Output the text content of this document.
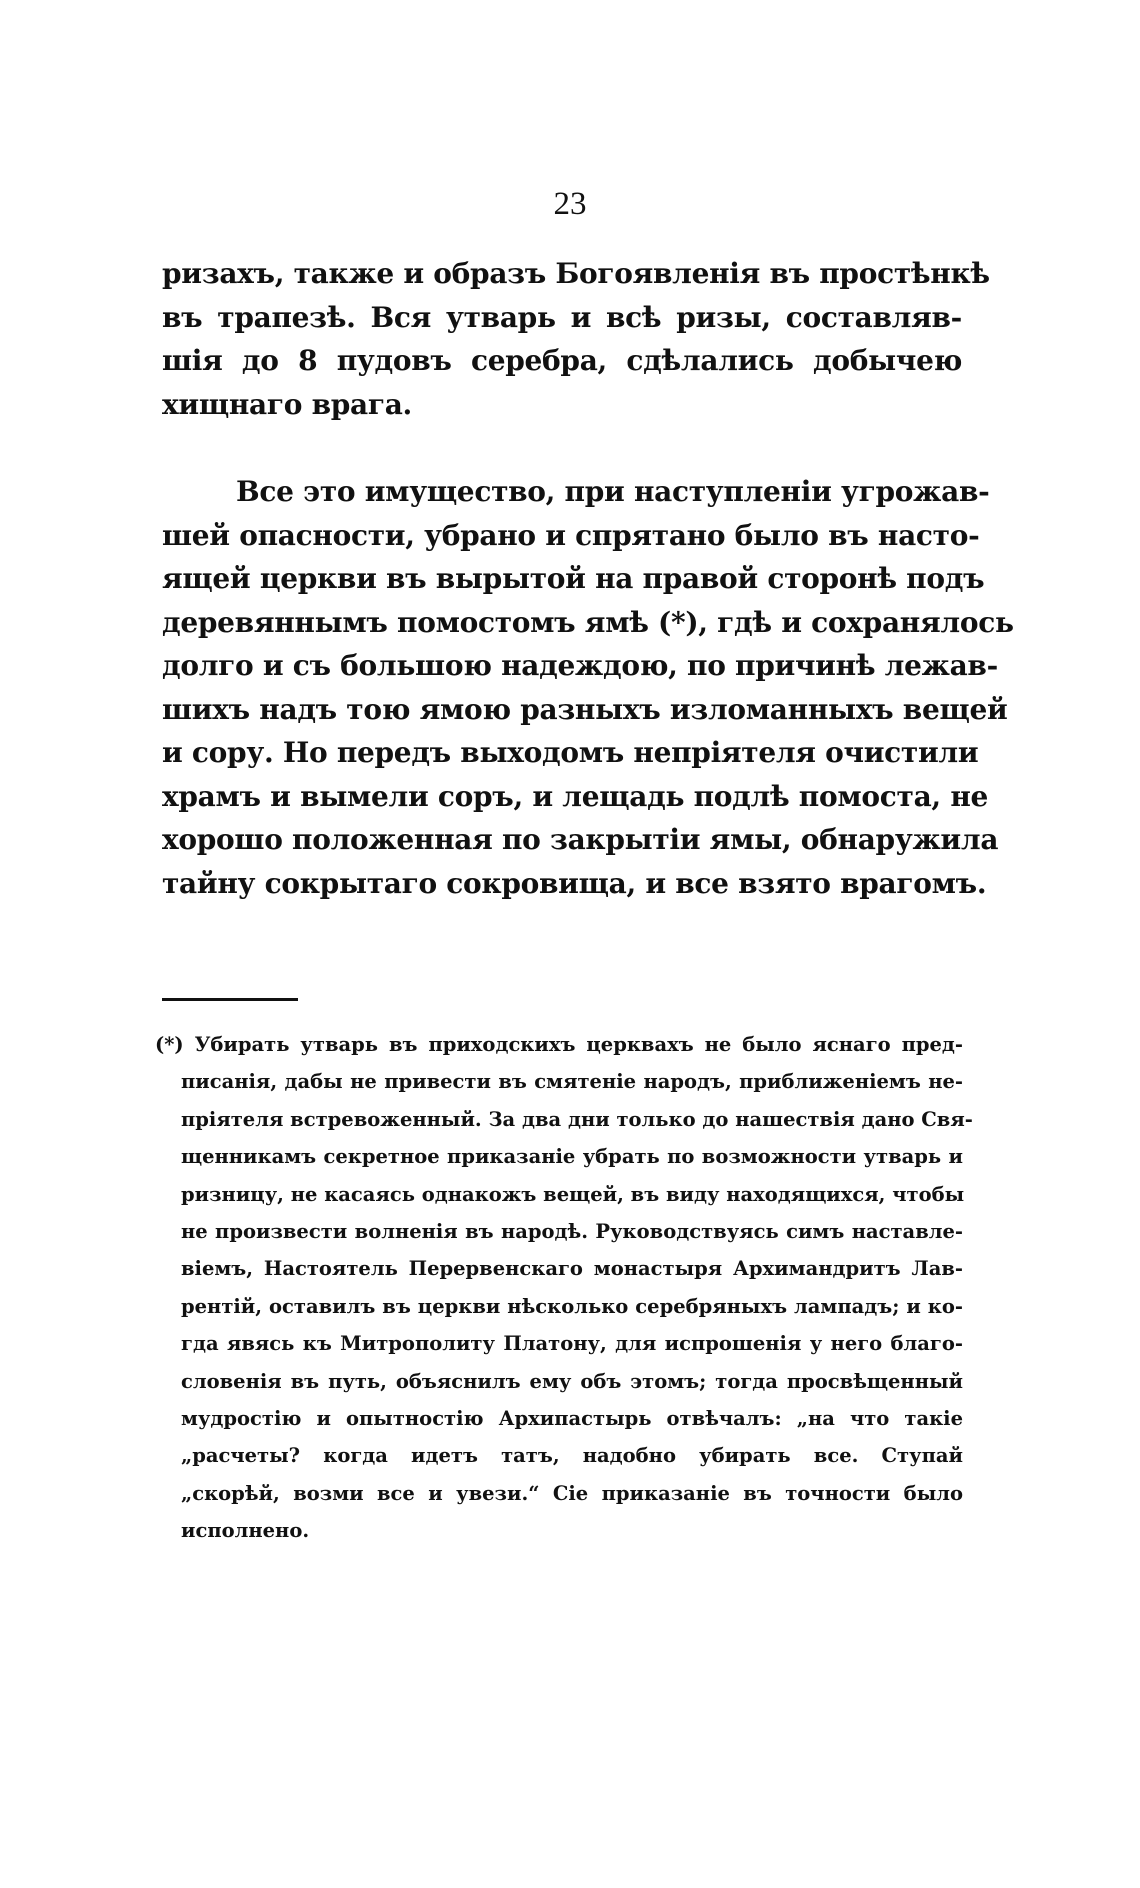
23
ризахъ, также и образъ Богоявленія въ простѣнкѣ
въ трапезѣ. Вся утварь и всѣ ризы, составляв-
шія до 8 пудовъ серебра, сдѣлались добычею
хищнаго врага.
Все это имущество, при наступленіи угрожав-
шей опасности, убрано и спрятано было въ насто-
ящей церкви въ вырытой на правой сторонѣ подъ
деревяннымъ помостомъ ямѣ (*), гдѣ и сохранялось
долго и съ большою надеждою, по причинѣ лежав-
шихъ надъ тою ямою разныхъ изломанныхъ вещей
и сору. Но передъ выходомъ непріятеля очистили
храмъ и вымели соръ, и лещадь подлѣ помоста, не
хорошо положенная по закрытіи ямы, обнаружила
тайну сокрытаго сокровища, и все взято врагомъ.
(*) Убирать утварь въ приходскихъ церквахъ не было яснаго пред-
писанія, дабы не привести въ смятеніе народъ, приближеніемъ не-
пріятеля встревоженный. За два дни только до нашествія дано Свя-
щенникамъ секретное приказаніе убрать по возможности утварь и
ризницу, не касаясь однакожъ вещей, въ виду находящихся, чтобы
не произвести волненія въ народѣ. Руководствуясь симъ наставле-
віемъ, Настоятель Перервенскаго монастыря Архимандритъ Лав-
рентій, оставилъ въ церкви нѣсколько серебряныхъ лампадъ; и ко-
гда явясь къ Митрополиту Платону, для испрошенія у него благо-
словенія въ путь, объяснилъ ему объ этомъ; тогда просвѣщенный
мудростію и опытностію Архипастырь отвѣчалъ: „на что такіе
„расчеты? когда идетъ татъ, надобно убирать все. Ступай
„скорѣй, возми все и увези.“ Сіе приказаніе въ точности было
исполнено.
